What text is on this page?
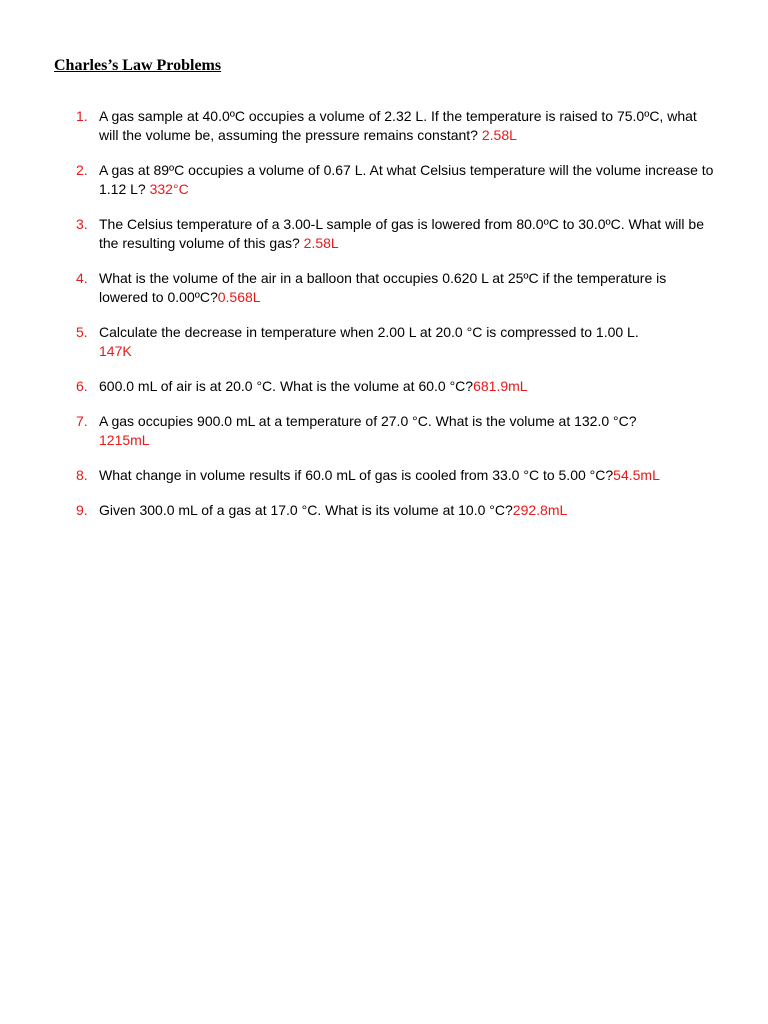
Charles’s Law Problems
1. A gas sample at 40.0ºC occupies a volume of 2.32 L. If the temperature is raised to 75.0ºC, what will the volume be, assuming the pressure remains constant? 2.58L
2. A gas at 89ºC occupies a volume of 0.67 L. At what Celsius temperature will the volume increase to 1.12 L? 332°C
3. The Celsius temperature of a 3.00-L sample of gas is lowered from 80.0ºC to 30.0ºC. What will be the resulting volume of this gas? 2.58L
4. What is the volume of the air in a balloon that occupies 0.620 L at 25ºC if the temperature is lowered to 0.00ºC?0.568L
5. Calculate the decrease in temperature when 2.00 L at 20.0 °C is compressed to 1.00 L.
147K
6. 600.0 mL of air is at 20.0 °C. What is the volume at 60.0 °C?681.9mL
7. A gas occupies 900.0 mL at a temperature of 27.0 °C. What is the volume at 132.0 °C?
1215mL
8. What change in volume results if 60.0 mL of gas is cooled from 33.0 °C to 5.00 °C?54.5mL
9. Given 300.0 mL of a gas at 17.0 °C. What is its volume at 10.0 °C?292.8mL
